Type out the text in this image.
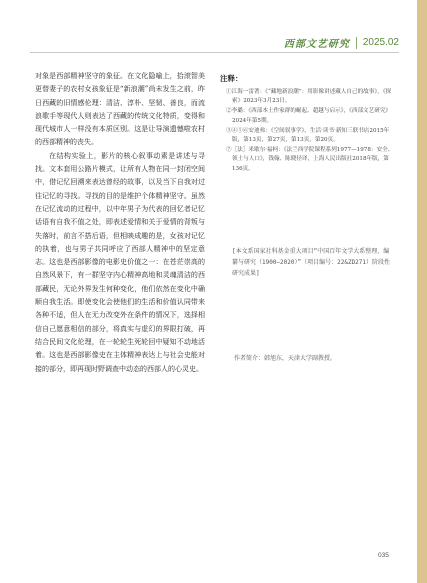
西部文艺研究 2025.02

对象是西部精神坚守的象征。在文化隐喻上，拾滚智美更替妻子的农村女孩象征是“新浪潮”尚未发生之前，昨日西藏的旧情感伦理：清洁、淳朴、坚韧、善良，而流浪歌手等现代人则表达了西藏的传统文化特质，变得和现代城市人一样没有本质区别。这是让导演遗憾啦农村的西部精神的丧失。

在结构实验上，影片的核心叙事动素是讲述与寻找。文本套用公路片模式，让所有人物在同一封闭空间中，借记忆回溯来表达曾经的故事，以及当下自我对过往记忆的寻找。寻找的目的是维护个体精神坚守。虽然在记忆流动的过程中，以中年男子为代表的回忆者记忆话语有自我不值之处，即表述爱情和关于爱情的背叛与失落时，前言不搭后语，但相映成趣的是，女孩对记忆的执着，也与男子共同呼应了西部人精神中的坚定意志。这也是西部影像的电影史价值之一：在苍茫崇高的自然风景下，有一群坚守内心精神高地和灵魂清洁的西部藏民，无论外界发生何种变化，他们依然在变化中确顺自我生活。即使变化会使他们的生活和价值认同带来各种不适，但人在无力改变外在条件的情况下，选择相信自己愿意相信的部分，将真实与虚幻的界限打破，再结合民间文化伦理，在一轮轮生死轮回中疑知不动地活着。这也是西部影像史在主体精神表达上与社会史能对接的部分，即再现时野调查中动态的西部人的心灵史。

注释：

①江海一雷著：《“藏地新浪潮”：用影像讲述藏人自己的故事》，《探索》2023年3月23日。

②李璐：《西部本土作家群的崛起、超越与启示》，《西部文艺研究》2024年第5期。

③④⑤⑥安迪弗：《空间叙事学》，生活·读书·新知三联书店2015年版，第13页，第27页，第13页，第20页。

⑦［法］米歇尔·福柯：《法兰西学院课程系列1977—1978：安全、领土与人口》，钱翰、陈晓径译，上海人民出版社2018年版，第136页。

[本文系国家社科基金重大项目“中国百年文学大系整理、编纂与研究（1900—2020）”（项目编号：22&ZD271）阶段性研究成果]
作者简介：韩旭东，天津大学副教授。
035
